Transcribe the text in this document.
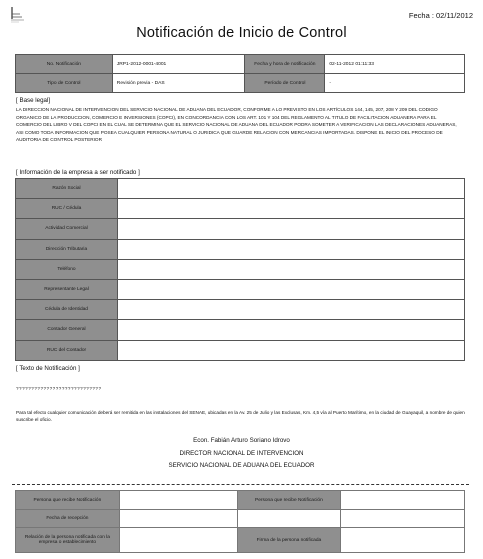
Fecha : 02/11/2012
Notificación de Inicio de Control
No. Notificación	JRP1-2012-0001-4001	Fecha y hora de notificación	02-11-2012 01:11:33
Tipo de Control	Revisión previa - DAS	Período de Control	-
[ Base legal]
LA DIRECCION NACIONAL DE INTERVENCION DEL SERVICIO NACIONAL DE ADUANA DEL ECUADOR, CONFORME A LO PREVISTO EN LOS ARTÍCULOS 144, 145, 207, 208 Y 209 DEL CODIGO ORGANICO DE LA PRODUCCION, COMERCIO E INVERSIONES (COPCI), EN CONCORDANCIA CON LOS ART. 101 Y 104 DEL REGLAMENTO AL TITULO DE FACILITACION ADUANERA PARA EL COMERCIO DEL LIBRO V DEL COPCI EN EL CUAL SE DETERMINA QUE EL SERVICIO NACIONAL DE ADUANA DEL ECUADOR PODRA SOMETER A VERIFICACION LAS DECLARACIONES ADUANERAS, ASI COMO TODA INFORMACION QUE POSEA CUALQUIER PERSONA NATURAL O JURIDICA QUE GUARDE RELACION CON MERCANCIAS IMPORTADAS. DISPONE EL INICIO DEL PROCESO DE AUDITORIA DE CONTROL POSTERIOR
[ Información de la empresa a ser notificado ]
Razón Social	
RUC / Cédula	
Actividad Comercial	
Dirección Tributaria	
Teléfono	
Representante Legal	
Cédula de Identidad	
Contador General	
RUC del Contador	
[ Texto de Notificación ]
????????????????????????????
Para tal efecto cualquier comunicación deberá ser remitida en las instalaciones del SENAE, ubicadas en la Av. 25 de Julio y las Exclusas, Km. 4,5 vía al Puerto Marítimo, en la ciudad de Guayaquil, a nombre de quien suscribe el oficio.
Econ. Fabián Arturo Soriano Idrovo
DIRECTOR NACIONAL DE INTERVENCION
SERVICIO NACIONAL DE ADUANA DEL ECUADOR
Persona que recibe Notificación		Persona que recibe Notificación	
Fecha de recepción			
Relación de la persona notificada con la empresa o establecimiento		Firma de la persona notificada	
